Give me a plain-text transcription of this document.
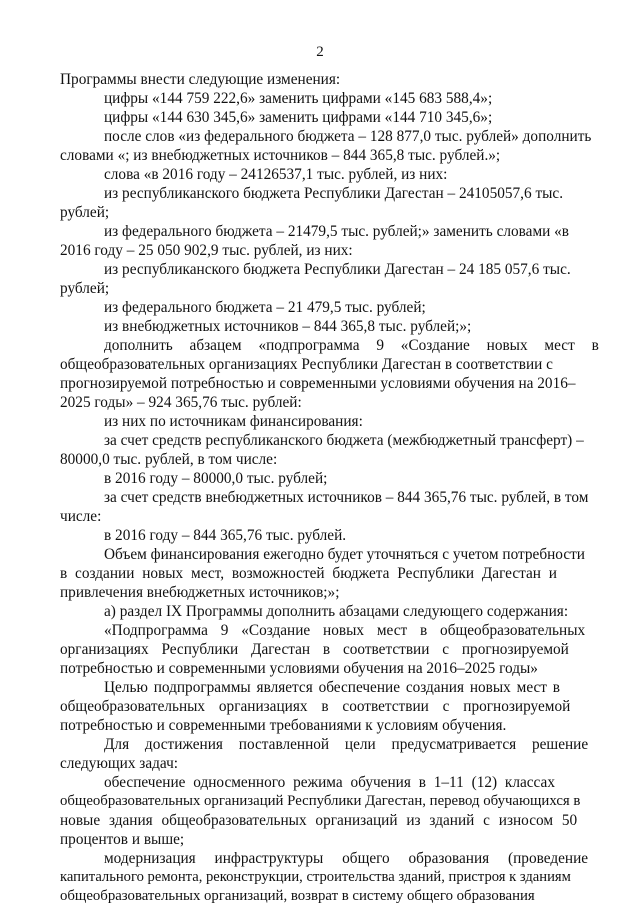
2
Программы внести следующие изменения:
цифры «144 759 222,6» заменить цифрами «145 683 588,4»;
цифры «144 630 345,6» заменить цифрами «144 710 345,6»;
после слов «из федерального бюджета – 128 877,0 тыс. рублей» дополнить
словами «; из внебюджетных источников – 844 365,8 тыс. рублей.»;
слова «в 2016 году – 24126537,1 тыс. рублей, из них:
из республиканского бюджета Республики Дагестан – 24105057,6 тыс.
рублей;
из федерального бюджета – 21479,5 тыс. рублей;» заменить словами «в
2016 году – 25 050 902,9 тыс. рублей, из них:
из республиканского бюджета Республики Дагестан – 24 185 057,6 тыс.
рублей;
из федерального бюджета – 21 479,5 тыс. рублей;
из внебюджетных источников – 844 365,8 тыс. рублей;»;
дополнить абзацем «подпрограмма 9 «Создание новых мест в
общеобразовательных организациях Республики Дагестан в соответствии с
прогнозируемой потребностью и современными условиями обучения на 2016–
2025 годы» – 924 365,76 тыс. рублей:
из них по источникам финансирования:
за счет средств республиканского бюджета (межбюджетный трансферт) –
80000,0 тыс. рублей, в том числе:
в 2016 году – 80000,0 тыс. рублей;
за счет средств внебюджетных источников – 844 365,76 тыс. рублей, в том
числе:
в 2016 году – 844 365,76 тыс. рублей.
Объем финансирования ежегодно будет уточняться с учетом потребности
в создании новых мест, возможностей бюджета Республики Дагестан и
привлечения внебюджетных источников;»;
а) раздел IX Программы дополнить абзацами следующего содержания:
«Подпрограмма 9 «Создание новых мест в общеобразовательных
организациях Республики Дагестан в соответствии с прогнозируемой
потребностью и современными условиями обучения на 2016–2025 годы»
Целью подпрограммы является обеспечение создания новых мест в
общеобразовательных организациях в соответствии с прогнозируемой
потребностью и современными требованиями к условиям обучения.
Для достижения поставленной цели предусматривается решение
следующих задач:
обеспечение односменного режима обучения в 1–11 (12) классах
общеобразовательных организаций Республики Дагестан, перевод обучающихся в
новые здания общеобразовательных организаций из зданий с износом 50
процентов и выше;
модернизация инфраструктуры общего образования (проведение
капитального ремонта, реконструкции, строительства зданий, пристроя к зданиям
общеобразовательных организаций, возврат в систему общего образования
